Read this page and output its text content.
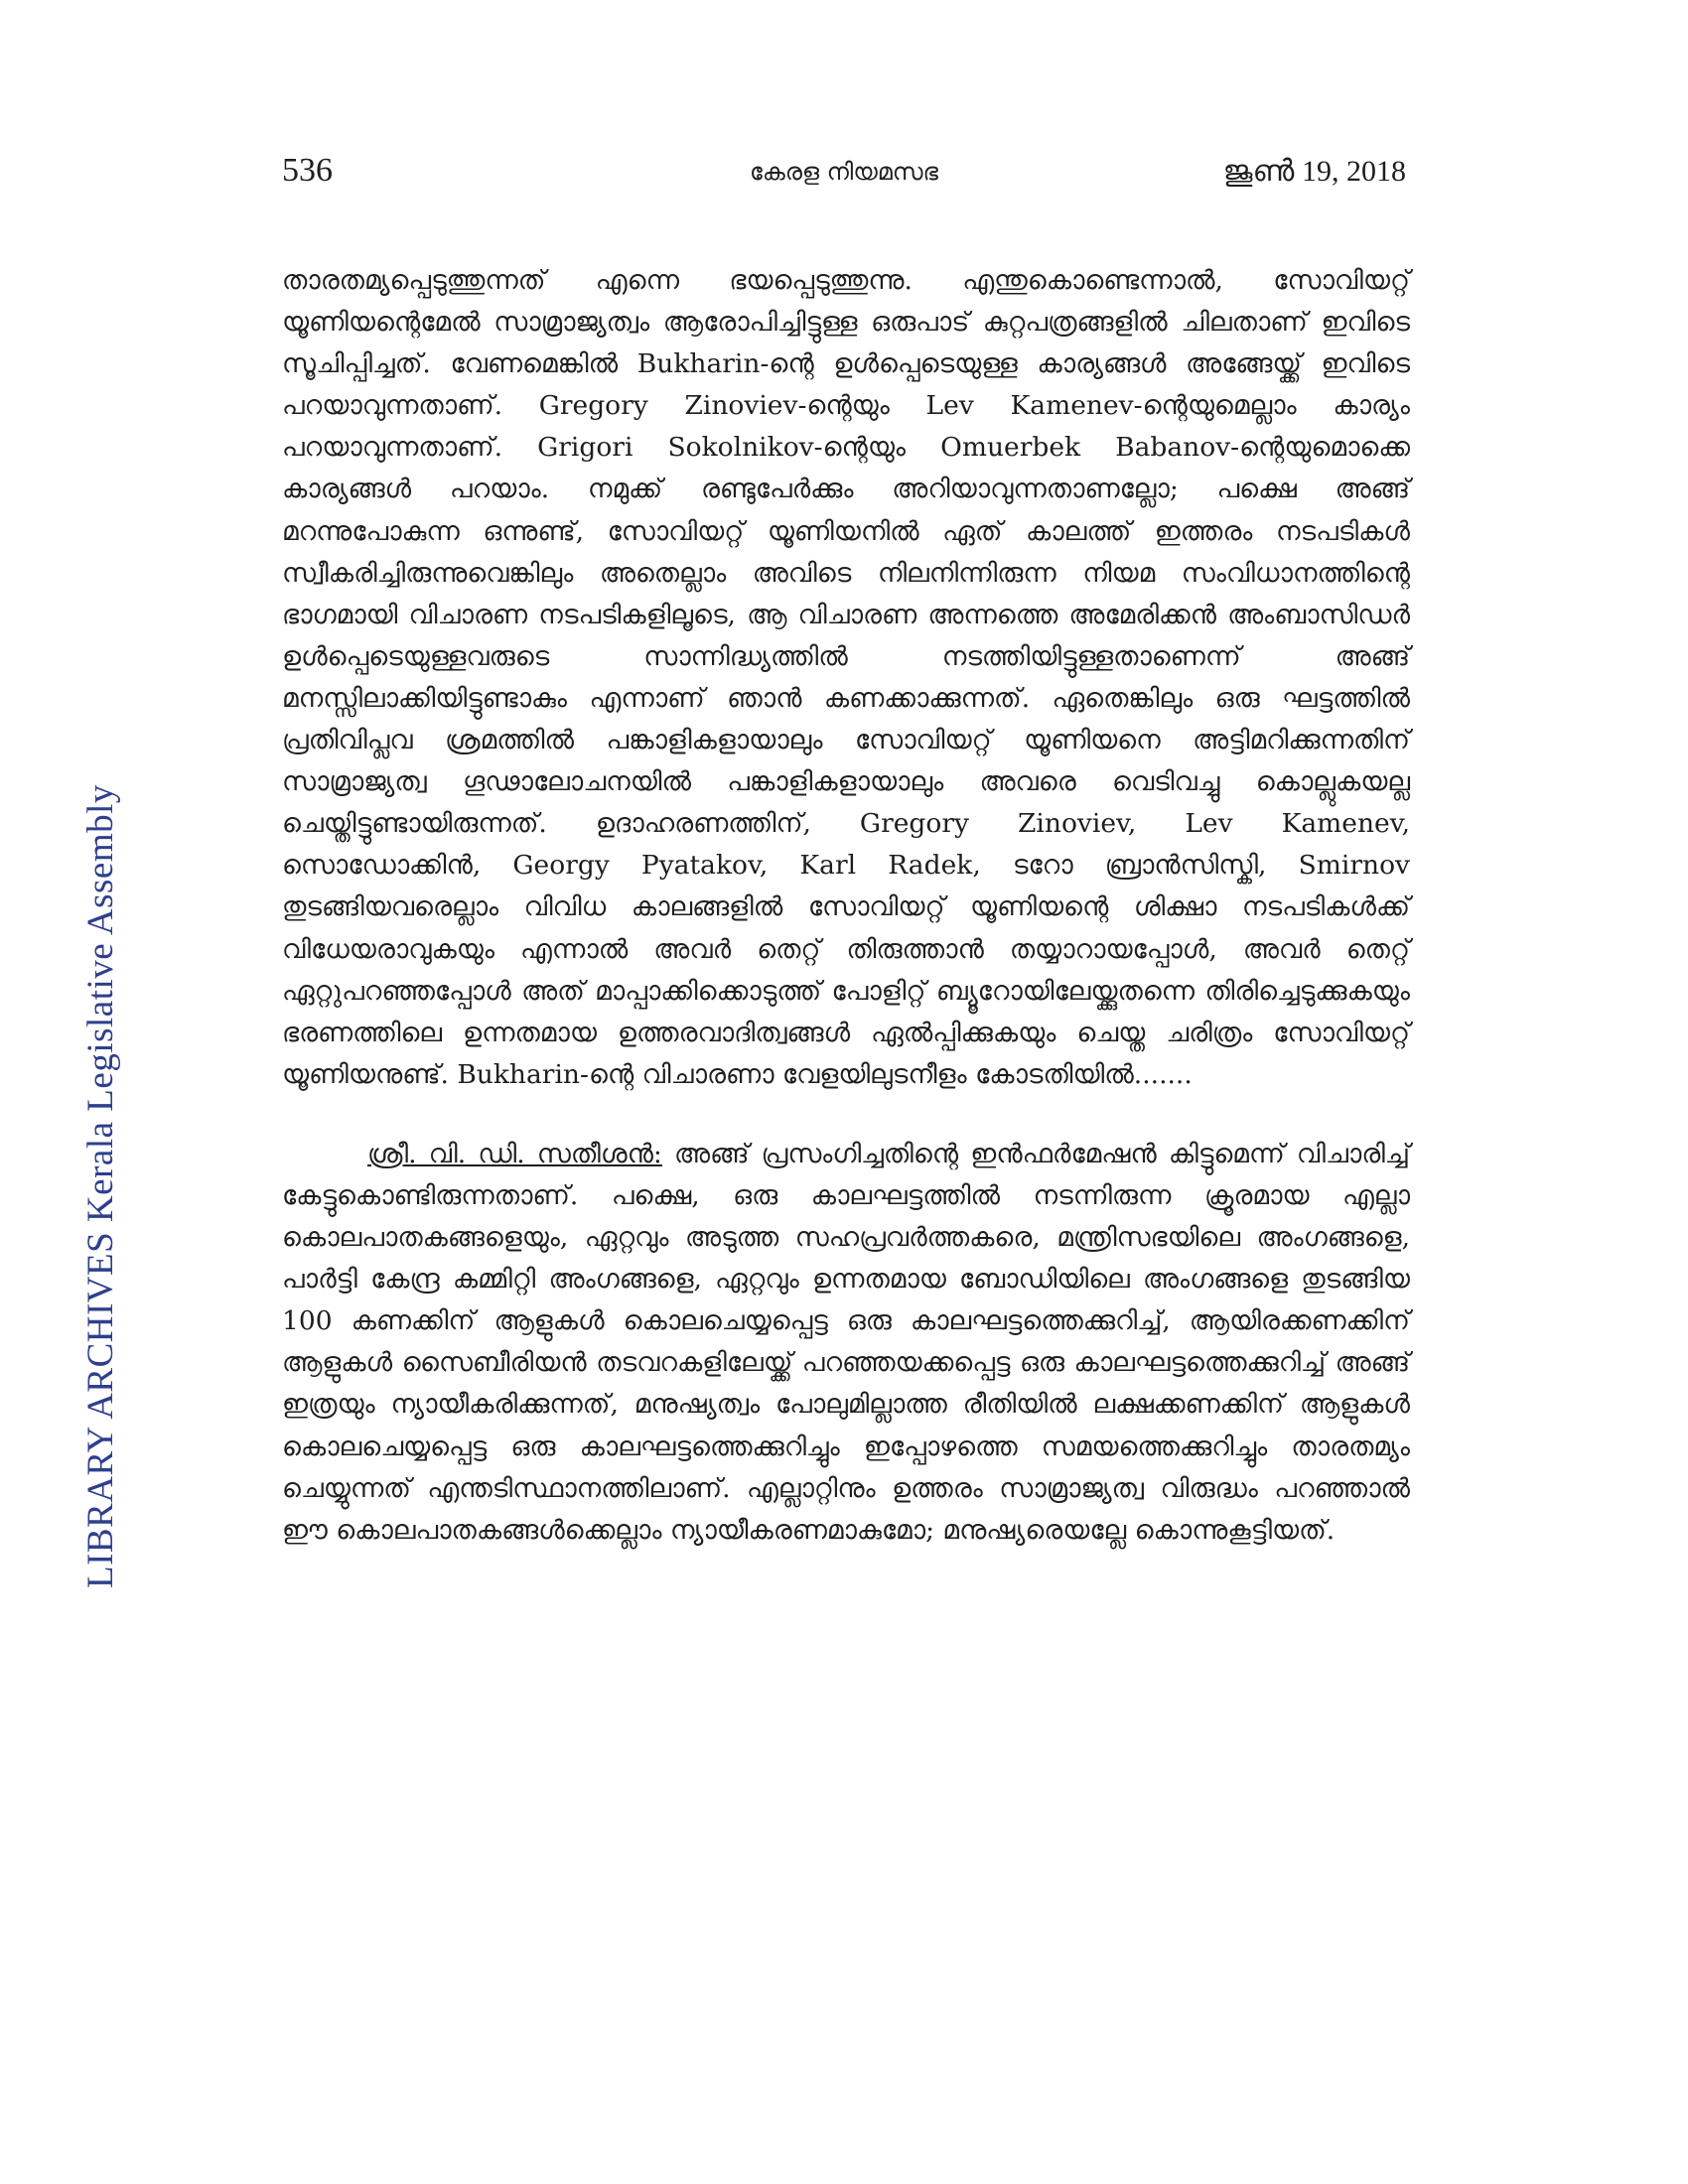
536	കേരള നിയമസഭ	ജൂൺ 19, 2018
LIBRARY ARCHIVES Kerala Legislative Assembly

താരതമ്യപ്പെടുത്തുന്നത് എന്നെ ഭയപ്പെടുത്തുന്നു. എന്തുകൊണ്ടെന്നാൽ, സോവിയറ്റ് യൂണിയന്റെമേൽ സാമ്രാജ്യത്വം ആരോപിച്ചിട്ടുള്ള ഒരുപാട് കുറ്റപത്രങ്ങളിൽ ചിലതാണ് ഇവിടെ സൂചിപ്പിച്ചത്. വേണമെങ്കിൽ Bukharin-ന്റെ ഉൾപ്പെടെയുള്ള കാര്യങ്ങൾ അങ്ങേയ്ക്ക് ഇവിടെ പറയാവുന്നതാണ്. Gregory Zinoviev-ന്റെയും Lev Kamenev-ന്റെയുമെല്ലാം കാര്യം പറയാവുന്നതാണ്. Grigori Sokolnikov-ന്റെയും Omuerbek Babanov-ന്റെയുമൊക്കെ കാര്യങ്ങൾ പറയാം. നമുക്ക് രണ്ടുപേർക്കും അറിയാവുന്നതാണല്ലോ; പക്ഷെ അങ്ങ് മറന്നുപോകുന്ന ഒന്നുണ്ട്, സോവിയറ്റ് യൂണിയനിൽ ഏത് കാലത്ത് ഇത്തരം നടപടികൾ സ്വീകരിച്ചിരുന്നുവെങ്കിലും അതെല്ലാം അവിടെ നിലനിന്നിരുന്ന നിയമ സംവിധാനത്തിന്റെ ഭാഗമായി വിചാരണ നടപടികളിലൂടെ, ആ വിചാരണ അന്നത്തെ അമേരിക്കൻ അംബാസിഡർ ഉൾപ്പെടെയുള്ളവരുടെ സാന്നിദ്ധ്യത്തിൽ നടത്തിയിട്ടുള്ളതാണെന്ന് അങ്ങ് മനസ്സിലാക്കിയിട്ടുണ്ടാകും എന്നാണ് ഞാൻ കണക്കാക്കുന്നത്. ഏതെങ്കിലും ഒരു ഘട്ടത്തിൽ പ്രതിവിപ്ലവ ശ്രമത്തിൽ പങ്കാളികളായാലും സോവിയറ്റ് യൂണിയനെ അട്ടിമറിക്കുന്നതിന് സാമ്രാജ്യത്വ ഗൂഢാലോചനയിൽ പങ്കാളികളായാലും അവരെ വെടിവച്ചു കൊല്ലുകയല്ല ചെയ്തിട്ടുണ്ടായിരുന്നത്. ഉദാഹരണത്തിന്, Gregory Zinoviev, Lev Kamenev, സൊഡോക്കിൻ, Georgy Pyatakov, Karl Radek, ടറോ ബ്രാൻസിസ്കി, Smirnov തുടങ്ങിയവരെല്ലാം വിവിധ കാലങ്ങളിൽ സോവിയറ്റ് യൂണിയന്റെ ശിക്ഷാ നടപടികൾക്ക് വിധേയരാവുകയും എന്നാൽ അവർ തെറ്റ് തിരുത്താൻ തയ്യാറായപ്പോൾ, അവർ തെറ്റ് ഏറ്റുപറഞ്ഞപ്പോൾ അത് മാപ്പാക്കിക്കൊടുത്ത് പോളിറ്റ് ബ്യൂറോയിലേയ്ക്കുതന്നെ തിരിച്ചെടുക്കുകയും ഭരണത്തിലെ ഉന്നതമായ ഉത്തരവാദിത്വങ്ങൾ ഏൽപ്പിക്കുകയും ചെയ്ത ചരിത്രം സോവിയറ്റ് യൂണിയനുണ്ട്. Bukharin-ന്റെ വിചാരണാ വേളയിലുടനീളം കോടതിയിൽ.......

ശ്രീ. വി. ഡി. സതീശൻ: അങ്ങ് പ്രസംഗിച്ചതിന്റെ ഇൻഫർമേഷൻ കിട്ടുമെന്ന് വിചാരിച്ച് കേട്ടുകൊണ്ടിരുന്നതാണ്. പക്ഷെ, ഒരു കാലഘട്ടത്തിൽ നടന്നിരുന്ന ക്രൂരമായ എല്ലാ കൊലപാതകങ്ങളെയും, ഏറ്റവും അടുത്ത സഹപ്രവർത്തകരെ, മന്ത്രിസഭയിലെ അംഗങ്ങളെ, പാർട്ടി കേന്ദ്ര കമ്മിറ്റി അംഗങ്ങളെ, ഏറ്റവും ഉന്നതമായ ബോഡിയിലെ അംഗങ്ങളെ തുടങ്ങിയ 100 കണക്കിന് ആളുകൾ കൊലചെയ്യപ്പെട്ട ഒരു കാലഘട്ടത്തെക്കുറിച്ച്, ആയിരക്കണക്കിന് ആളുകൾ സൈബീരിയൻ തടവറകളിലേയ്ക്ക് പറഞ്ഞയക്കപ്പെട്ട ഒരു കാലഘട്ടത്തെക്കുറിച്ച് അങ്ങ് ഇത്രയും ന്യായീകരിക്കുന്നത്, മനുഷ്യത്വം പോലുമില്ലാത്ത രീതിയിൽ ലക്ഷക്കണക്കിന് ആളുകൾ കൊലചെയ്യപ്പെട്ട ഒരു കാലഘട്ടത്തെക്കുറിച്ചും ഇപ്പോഴത്തെ സമയത്തെക്കുറിച്ചും താരതമ്യം ചെയ്യുന്നത് എന്തടിസ്ഥാനത്തിലാണ്. എല്ലാറ്റിനും ഉത്തരം സാമ്രാജ്യത്വ വിരുദ്ധം പറഞ്ഞാൽ ഈ കൊലപാതകങ്ങൾക്കെല്ലാം ന്യായീകരണമാകുമോ; മനുഷ്യരെയല്ലേ കൊന്നുകൂട്ടിയത്.
